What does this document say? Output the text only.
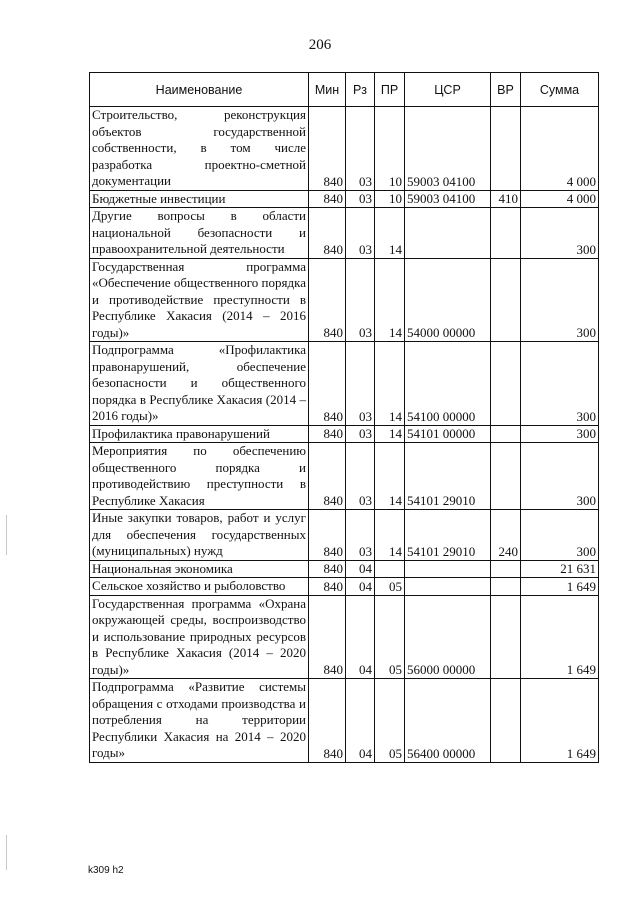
206
Наименование	Мин	Рз	ПР	ЦСР	ВР	Сумма
Строительство, реконструкция объектов государственной собственности, в том числе разработка проектно-сметной документации	840	03	10	59003 04100		4 000
Бюджетные инвестиции	840	03	10	59003 04100	410	4 000
Другие вопросы в области национальной безопасности и правоохранительной деятельности	840	03	14			300
Государственная программа «Обеспечение общественного порядка и противодействие преступности в Республике Хакасия (2014 – 2016 годы)»	840	03	14	54000 00000		300
Подпрограмма «Профилактика правонарушений, обеспечение безопасности и общественного порядка в Республике Хакасия (2014 – 2016 годы)»	840	03	14	54100 00000		300
Профилактика правонарушений	840	03	14	54101 00000		300
Мероприятия по обеспечению общественного порядка и противодействию преступности в Республике Хакасия	840	03	14	54101 29010		300
Иные закупки товаров, работ и услуг для обеспечения государственных (муниципальных) нужд	840	03	14	54101 29010	240	300
Национальная экономика	840	04				21 631
Сельское хозяйство и рыболовство	840	04	05			1 649
Государственная программа «Охрана окружающей среды, воспроизводство и использование природных ресурсов в Республике Хакасия (2014 – 2020 годы)»	840	04	05	56000 00000		1 649
Подпрограмма «Развитие системы обращения с отходами производства и потребления на территории Республики Хакасия на 2014 – 2020 годы»	840	04	05	56400 00000		1 649
k309 h2
